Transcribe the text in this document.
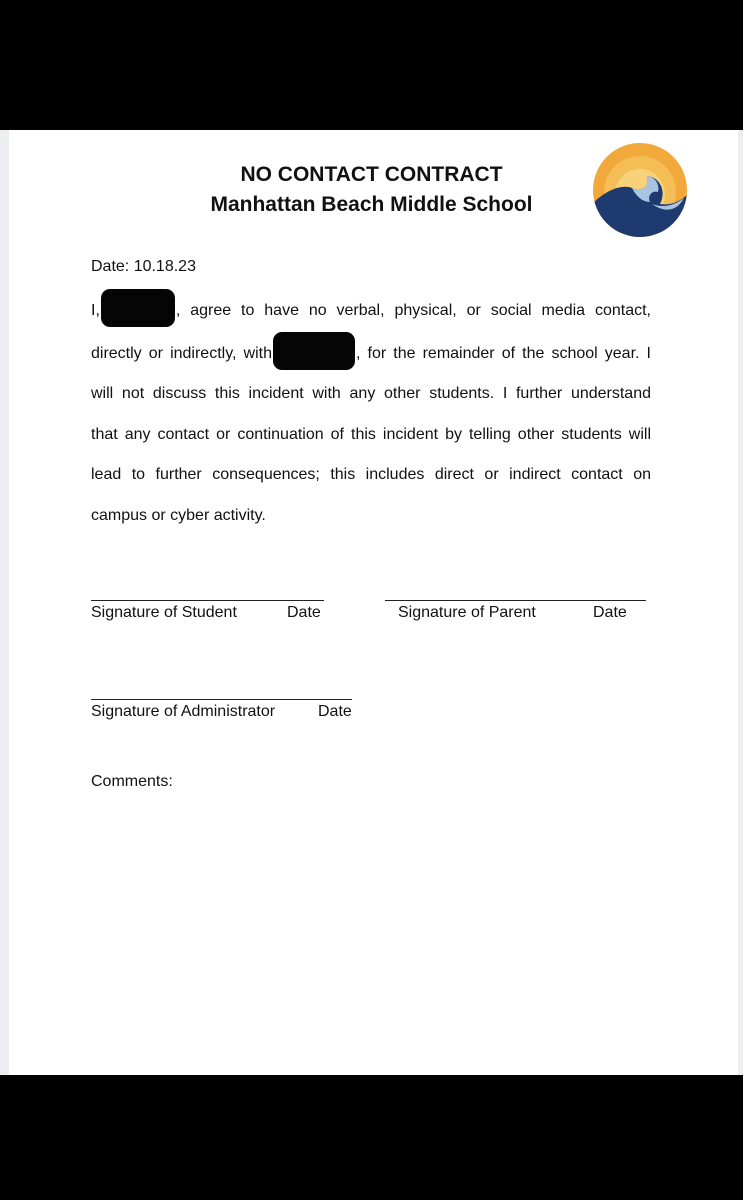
NO CONTACT CONTRACT
Manhattan Beach Middle School
Date: 10.18.23
I,	, agree to have no verbal, physical, or social media contact,
directly or indirectly, with	, for the remainder of the school year. I
will not discuss this incident with any other students. I further understand
that any contact or continuation of this incident by telling other students will
lead to further consequences; this includes direct or indirect contact on
campus or cyber activity.
Signature of Student	Date	Signature of Parent	Date
Signature of Administrator	Date
Comments:
